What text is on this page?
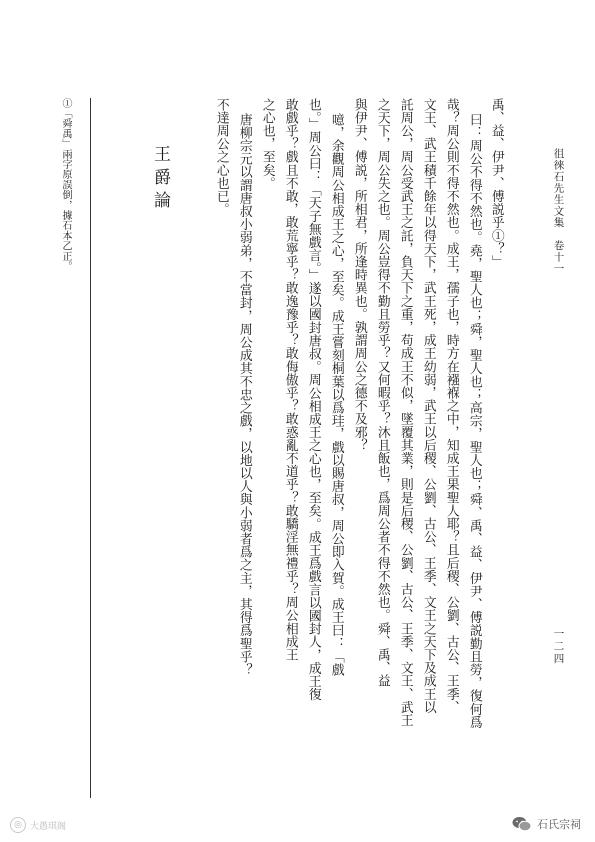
徂徠石先生文集　卷十一
一二四
禹、益、伊尹、傅説乎①？」
曰：周公不得不然也。堯，聖人也；舜，聖人也；高宗，聖人也；舜、禹、益、伊尹、傅説勤且勞，復何爲
哉？周公則不得不然也。成王，孺子也，時方在襁褓之中，知成王果聖人耶？且后稷、公劉、古公、王季、
文王、武王積千餘年以得天下，武王死，成王幼弱，武王以后稷、公劉、古公、王季、文王之天下及成王以
託周公，周公受武王之託，負天下之重，苟成王不似，墜覆其業，則是后稷、公劉、古公、王季、文王、武王
之天下，周公失之也。周公豈得不勤且勞乎？又何暇乎？沐且飯也，爲周公者不得不然也。舜、禹、益
與伊尹、傅説，所相君，所逢時異也。孰謂周公之德不及邪？
噫，余觀周公相成王之心，至矣。成王嘗刻桐葉以爲珪，戲以賜唐叔，周公即入賀。成王曰：「戲
也。」周公曰：「天子無戲言。」遂以國封唐叔。周公相成王之心也，至矣。成王爲戲言以國封人，成王復
敢戲乎？戲且不敢，敢荒寧乎？敢逸豫乎？敢侮傲乎？敢惑亂不道乎？敢驕淫無禮乎？周公相成王
之心也，至矣。
唐柳宗元以謂唐叔小弱弟，不當封，周公成其不忠之戲，以地以人與小弱者爲之主，其得爲聖乎？
不達周公之心也已。
王爵論
①「舜禹」兩字原誤倒，據石本乙正。
◎ 大愚琪阁	石氏宗祠
